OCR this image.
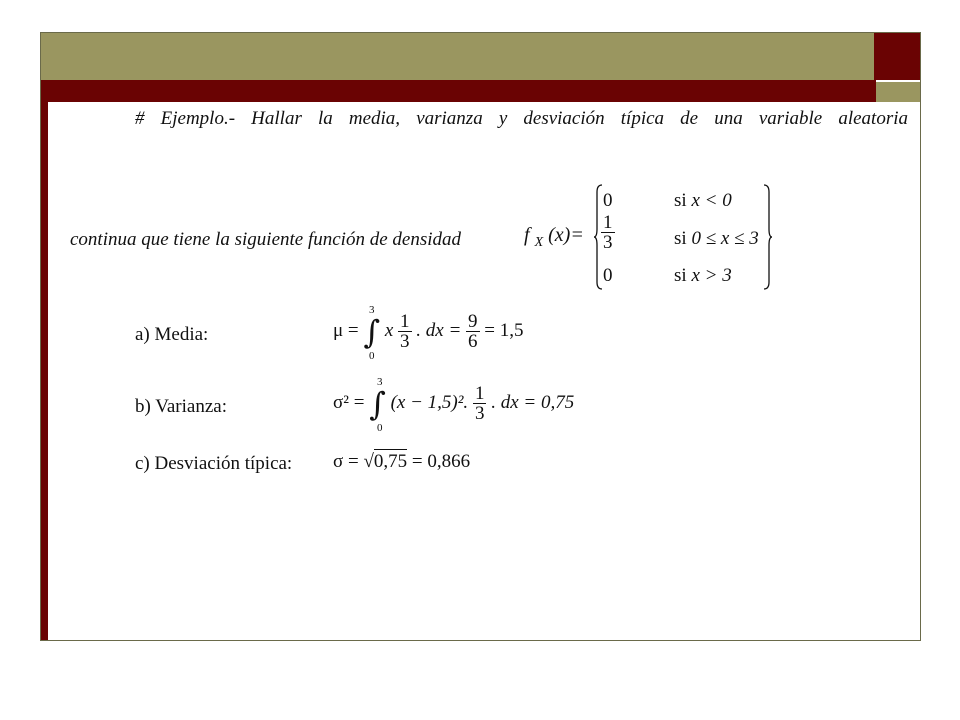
# Ejemplo.- Hallar la media, varianza y desviación típica de una variable aleatoria
continua que tiene la siguiente función de densidad	f $_X$ (x)=
0	si x < 0
$\frac{1}{3}$	si 0 ≤ x ≤ 3
0	si x > 3
a) Media:	μ = ∫
3
0
x $\frac{1}{3}$ . dx = $\frac{9}{6} = 1,5$
b) Varianza:	σ² = ∫
3
0
(x − 1,5)². $\frac{1}{3}$ . dx = 0,75
c) Desviación típica: σ = √0,75 = 0,866
